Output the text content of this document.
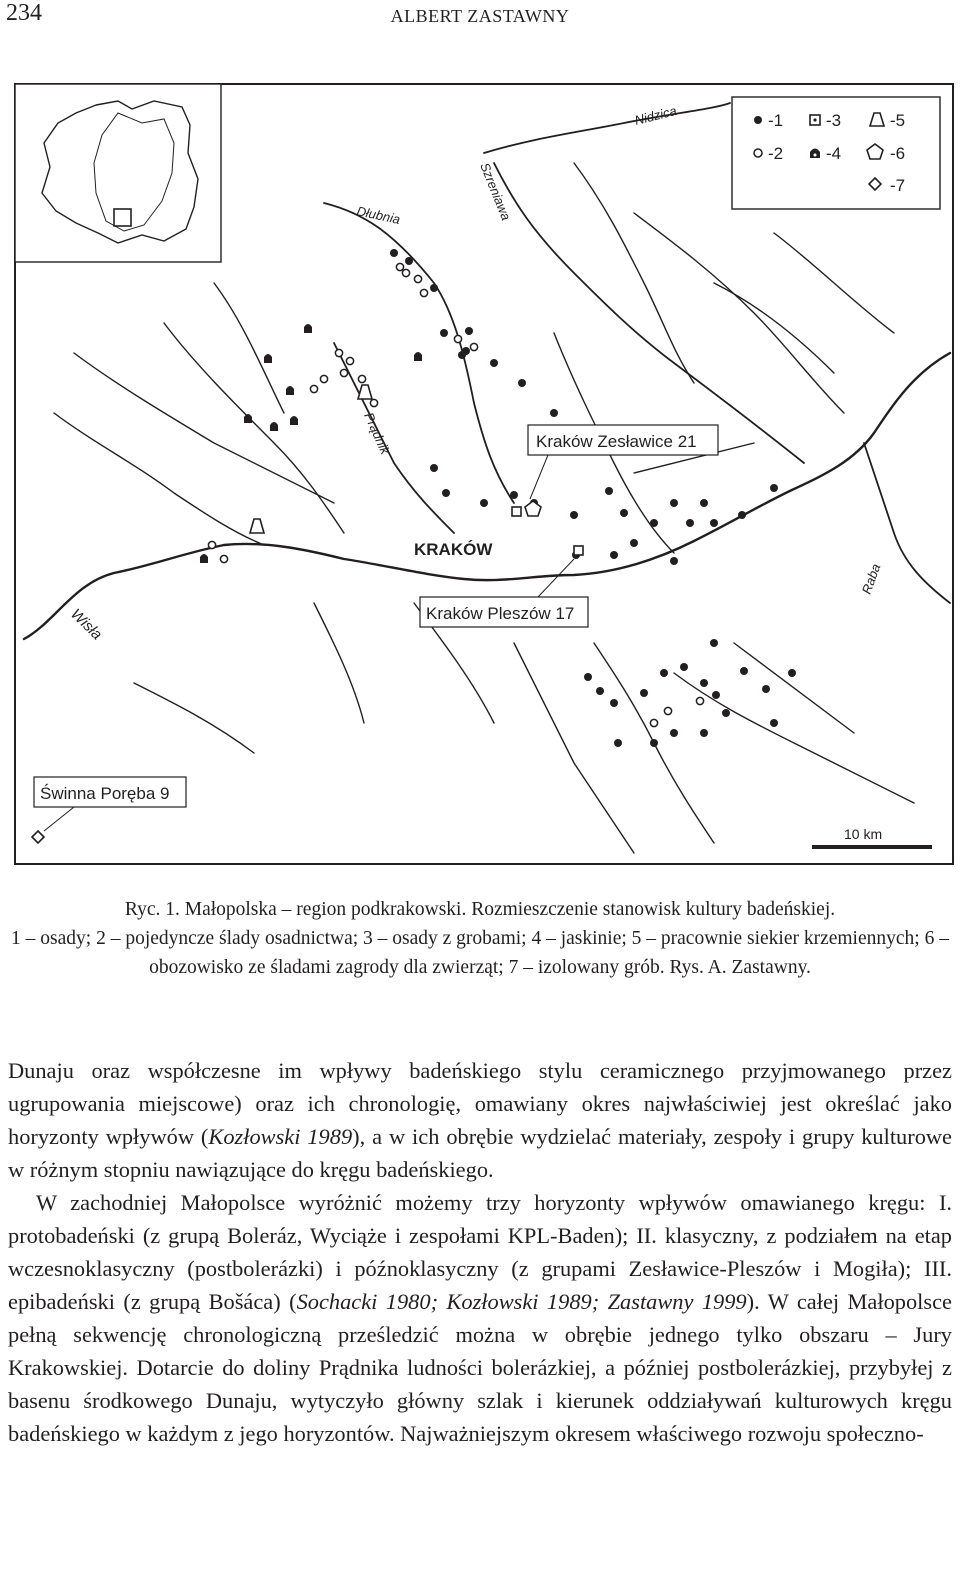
234	ALBERT ZASTAWNY
-1
-2
-3
-4
-5
-6
-7
Nidzica
Szreniawa
Dłubnia
Prądnik
Wisła
Raba
KRAKÓW
Kraków Zesławice 21
Kraków Pleszów 17
Świnna Poręba 9
10 km

Ryc. 1. Małopolska – region podkrakowski. Rozmieszczenie stanowisk kultury badeńskiej.

1 – osady; 2 – pojedyncze ślady osadnictwa; 3 – osady z grobami; 4 – jaskinie; 5 – pracownie siekier krzemiennych; 6 – obozowisko ze śladami zagrody dla zwierząt; 7 – izolowany grób. Rys. A. Zastawny.

Dunaju oraz współczesne im wpływy badeńskiego stylu ceramicznego przyjmowanego przez ugrupowania miejscowe) oraz ich chronologię, omawiany okres najwłaściwiej jest określać jako horyzonty wpływów (Kozłowski 1989), a w ich obrębie wydzielać materiały, zespoły i grupy kulturowe w różnym stopniu nawiązujące do kręgu badeńskiego.

W zachodniej Małopolsce wyróżnić możemy trzy horyzonty wpływów omawianego kręgu: I. protobadeński (z grupą Boleráz, Wyciąże i zespołami KPL-Baden); II. klasyczny, z podziałem na etap wczesnoklasyczny (postbolerázki) i późnoklasyczny (z grupami Zesławice-Pleszów i Mogiła); III. epibadeński (z grupą Bošáca) (Sochacki 1980; Kozłowski 1989; Zastawny 1999). W całej Małopolsce pełną sekwencję chronologiczną prześledzić można w obrębie jednego tylko obszaru – Jury Krakowskiej. Dotarcie do doliny Prądnika ludności bolerázkiej, a później postbolerázkiej, przybyłej z basenu środkowego Dunaju, wytyczyło główny szlak i kierunek oddziaływań kulturowych kręgu badeńskiego w każdym z jego horyzontów. Najważniejszym okresem właściwego rozwoju społeczno-
